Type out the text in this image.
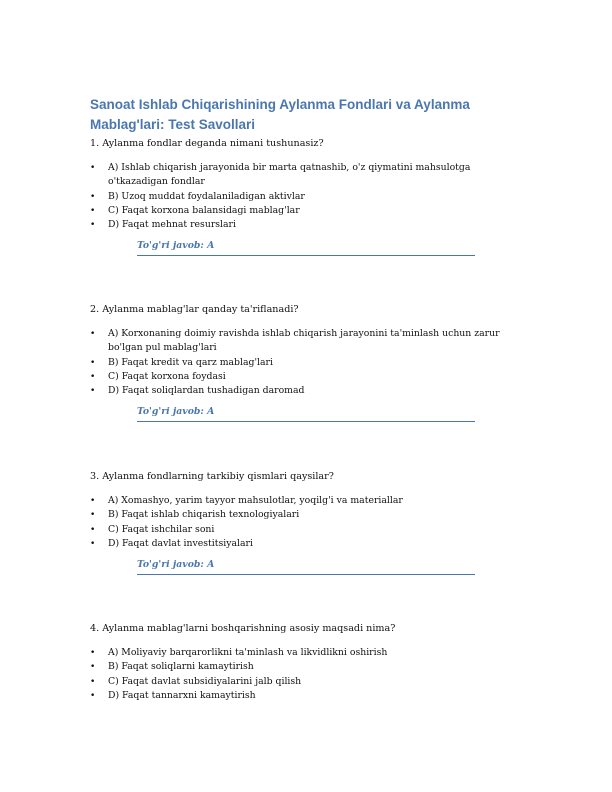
Sanoat Ishlab Chiqarishining Aylanma Fondlari va Aylanma Mablag'lari: Test Savollari

1. Aylanma fondlar deganda nimani tushunasiz?

• A) Ishlab chiqarish jarayonida bir marta qatnashib, o'z qiymatini mahsulotga o'tkazadigan fondlar
• B) Uzoq muddat foydalaniladigan aktivlar
• C) Faqat korxona balansidagi mablag'lar
• D) Faqat mehnat resurslari
To'g'ri javob: A

2. Aylanma mablag'lar qanday ta'riflanadi?

• A) Korxonaning doimiy ravishda ishlab chiqarish jarayonini ta'minlash uchun zarur bo'lgan pul mablag'lari
• B) Faqat kredit va qarz mablag'lari
• C) Faqat korxona foydasi
• D) Faqat soliqlardan tushadigan daromad
To'g'ri javob: A

3. Aylanma fondlarning tarkibiy qismlari qaysilar?

• A) Xomashyo, yarim tayyor mahsulotlar, yoqilg'i va materiallar
• B) Faqat ishlab chiqarish texnologiyalari
• C) Faqat ishchilar soni
• D) Faqat davlat investitsiyalari
To'g'ri javob: A

4. Aylanma mablag'larni boshqarishning asosiy maqsadi nima?

• A) Moliyaviy barqarorlikni ta'minlash va likvidlikni oshirish
• B) Faqat soliqlarni kamaytirish
• C) Faqat davlat subsidiyalarini jalb qilish
• D) Faqat tannarxni kamaytirish
